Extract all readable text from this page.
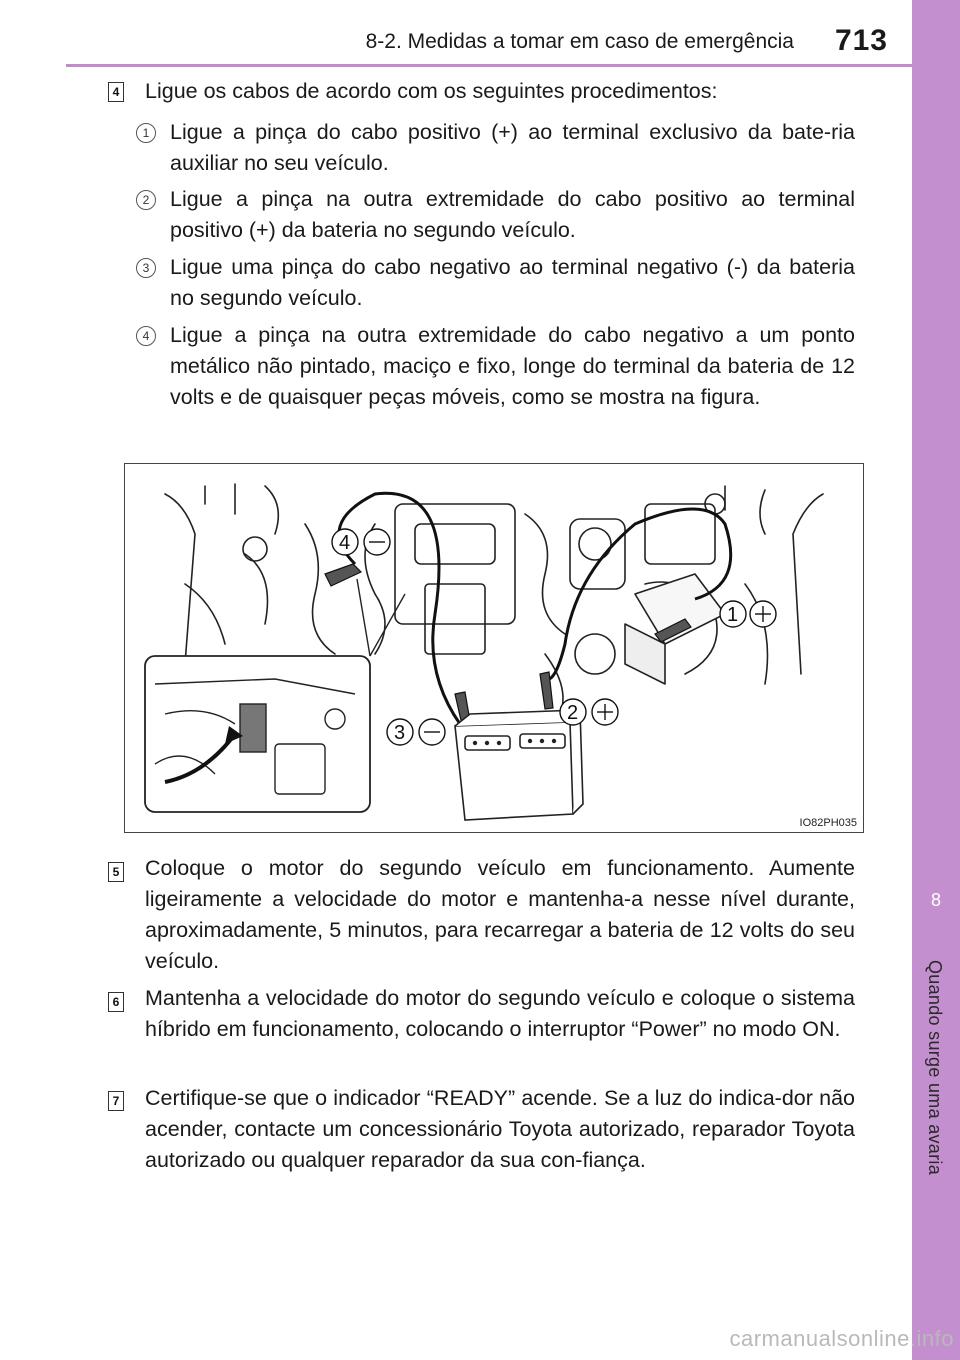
8-2. Medidas a tomar em caso de emergência 713
8
Quando surge uma avaria
4 Ligue os cabos de acordo com os seguintes procedimentos:
1 Ligue a pinça do cabo positivo (+) ao terminal exclusivo da bate-ria auxiliar no seu veículo.
2 Ligue a pinça na outra extremidade do cabo positivo ao terminal positivo (+) da bateria no segundo veículo.
3 Ligue uma pinça do cabo negativo ao terminal negativo (-) da bateria no segundo veículo.
4 Ligue a pinça na outra extremidade do cabo negativo a um ponto metálico não pintado, maciço e fixo, longe do terminal da bateria de 12 volts e de quaisquer peças móveis, como se mostra na figura.
4
1
2
3
IO82PH035
5 Coloque o motor do segundo veículo em funcionamento. Aumente ligeiramente a velocidade do motor e mantenha-a nesse nível durante, aproximadamente, 5 minutos, para recarregar a bateria de 12 volts do seu veículo.
6 Mantenha a velocidade do motor do segundo veículo e coloque o sistema híbrido em funcionamento, colocando o interruptor “Power” no modo ON.
7 Certifique-se que o indicador “READY” acende. Se a luz do indica-dor não acender, contacte um concessionário Toyota autorizado, reparador Toyota autorizado ou qualquer reparador da sua con-fiança.
carmanualsonline.info
